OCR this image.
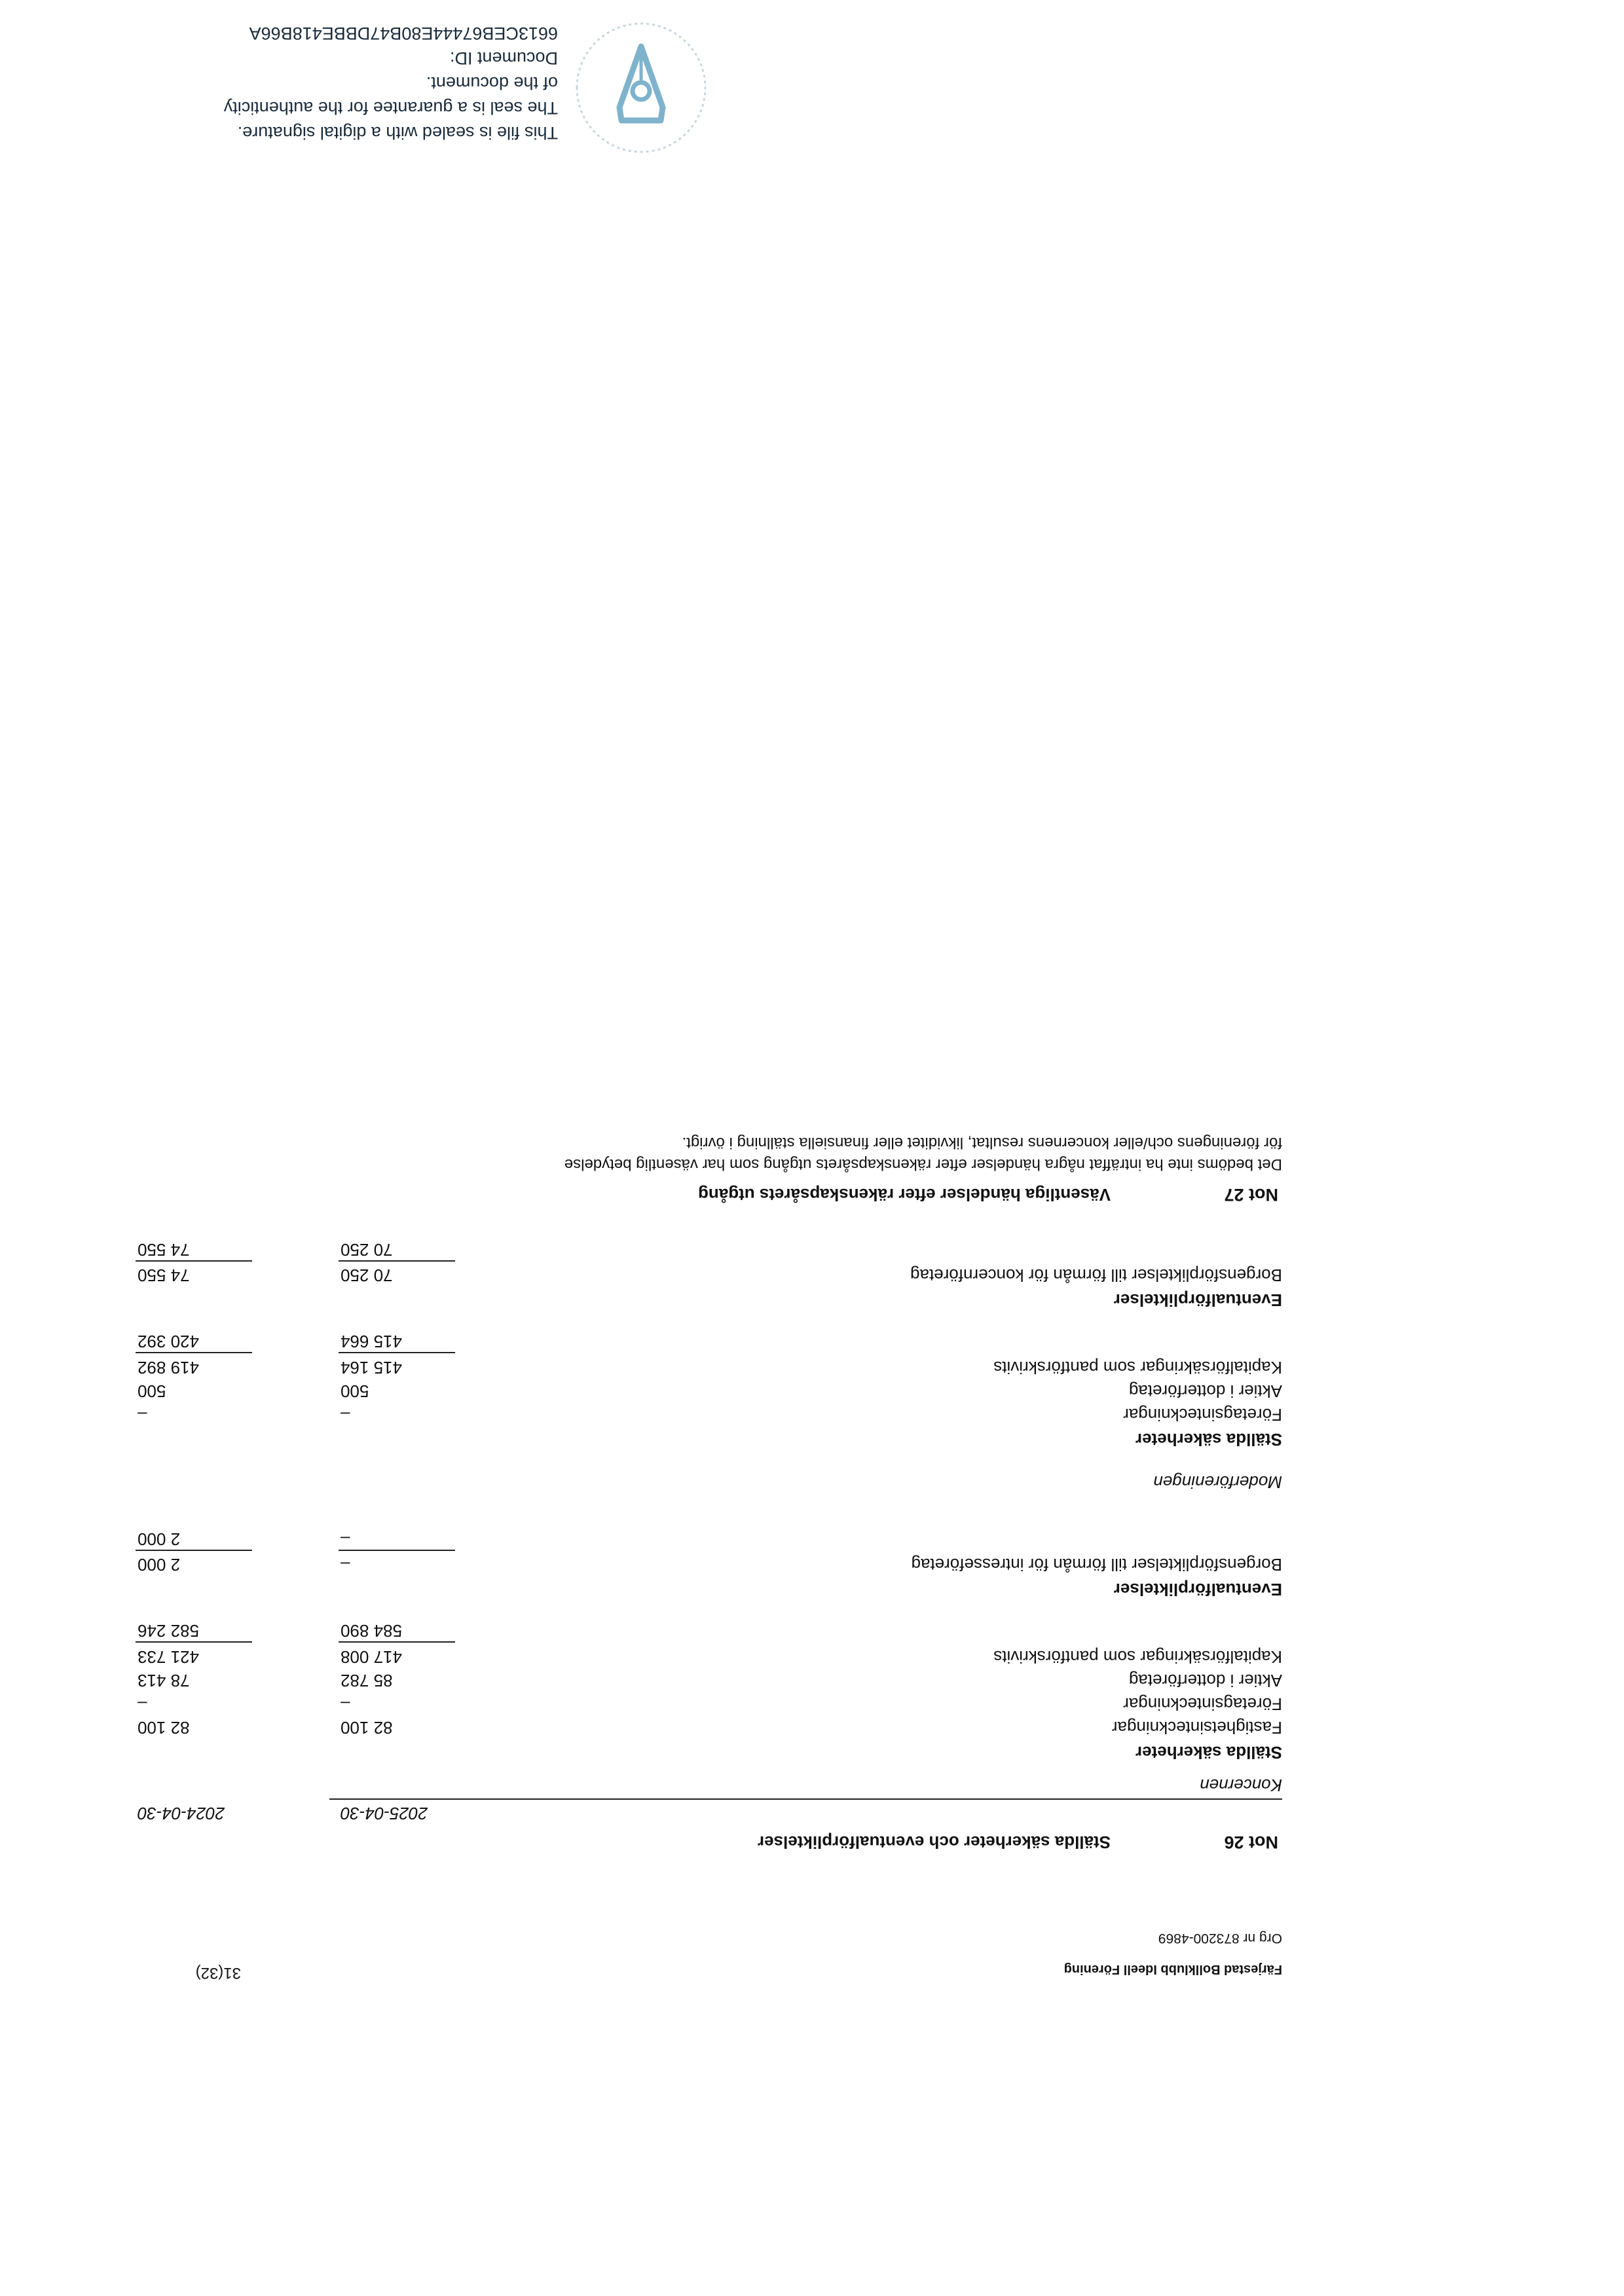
Färjestad Bollklubb Ideell Förening
Org nr 873200-4869
31(32)
Not 26
Ställda säkerheter och eventualförpliktelser
2025-04-30
2024-04-30
Koncernen
Ställda säkerheter
Fastighetsinteckningar
82 100
82 100
Företagsinteckningar
–
–
Aktier i dotterföretag
85 782
78 413
Kapitalförsäkringar som pantförskrivits
417 008
421 733
584 890
582 246
Eventualförpliktelser
Borgensförpliktelser till förmån för intresseföretag
–
2 000
–
2 000
Moderföreningen
Ställda säkerheter
Företagsinteckningar
–
–
Aktier i dotterföretag
500
500
Kapitalförsäkringar som pantförskrivits
415 164
419 892
415 664
420 392
Eventualförpliktelser
Borgensförpliktelser till förmån för koncernföretag
70 250
74 550
70 250
74 550
Not 27
Väsentliga händelser efter räkenskapsårets utgång
Det bedöms inte ha inträffat några händelser efter räkenskapsårets utgång som har väsentlig betydelse
för föreningens och/eller koncernens resultat, likviditet eller finansiella ställning i övrigt.
This file is sealed with a digital signature.
The seal is a guarantee for the authenticity
of the document.
Document ID:
6613CEB67444E80B47DBBE418B66A
